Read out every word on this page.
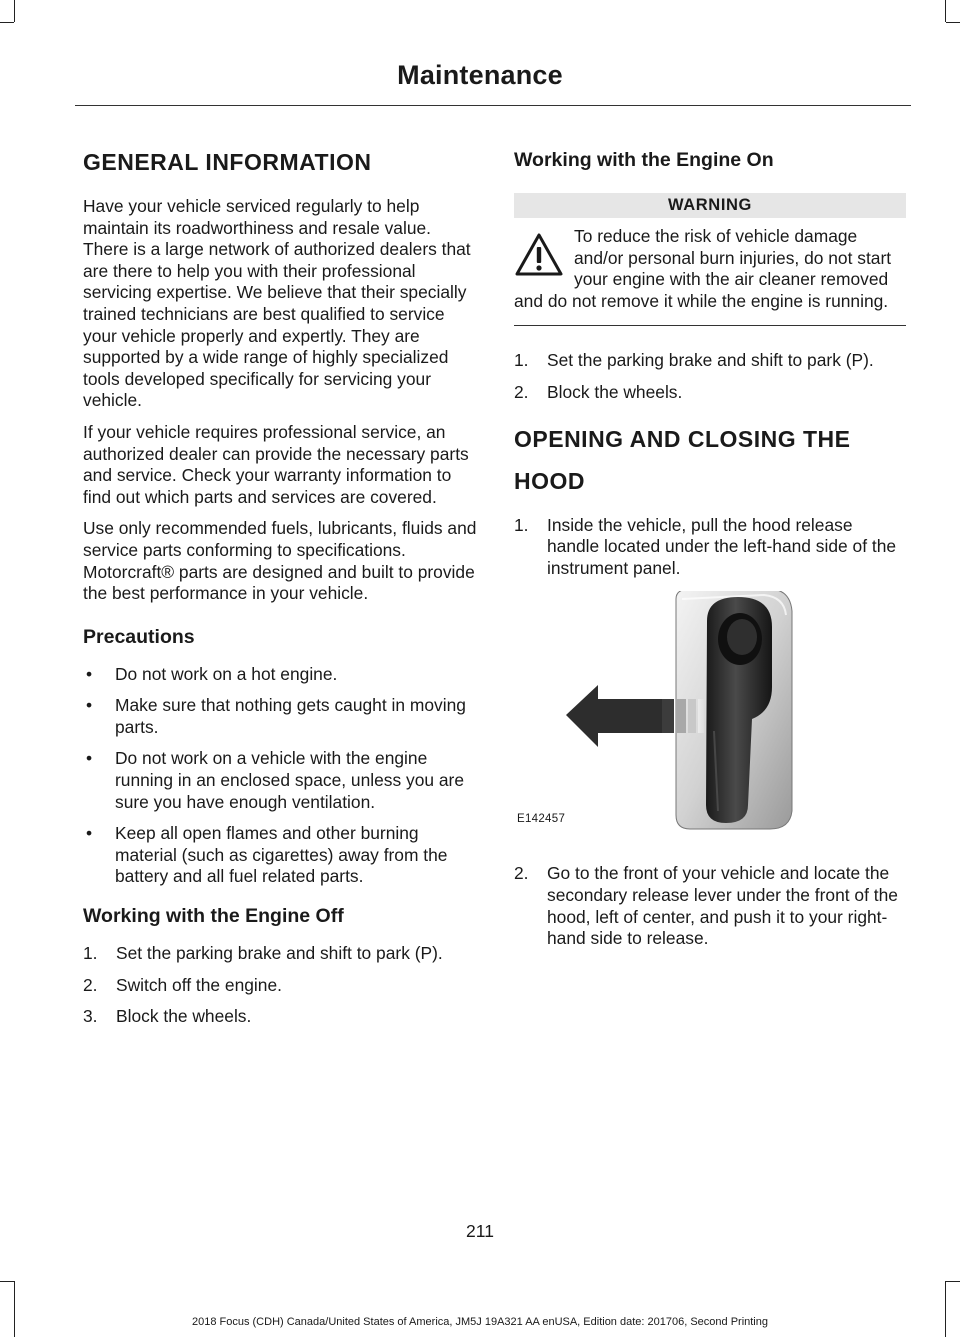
Maintenance
GENERAL INFORMATION

Have your vehicle serviced regularly to help maintain its roadworthiness and resale value. There is a large network of authorized dealers that are there to help you with their professional servicing expertise. We believe that their specially trained technicians are best qualified to service your vehicle properly and expertly. They are supported by a wide range of highly specialized tools developed specifically for servicing your vehicle.

If your vehicle requires professional service, an authorized dealer can provide the necessary parts and service. Check your warranty information to find out which parts and services are covered.

Use only recommended fuels, lubricants, fluids and service parts conforming to specifications. Motorcraft® parts are designed and built to provide the best performance in your vehicle.

Precautions
• Do not work on a hot engine.
• Make sure that nothing gets caught in moving parts.
• Do not work on a vehicle with the engine running in an enclosed space, unless you are sure you have enough ventilation.
• Keep all open flames and other burning material (such as cigarettes) away from the battery and all fuel related parts.
Working with the Engine Off
1. Set the parking brake and shift to park (P).
2. Switch off the engine.
3. Block the wheels.
Working with the Engine On
WARNING
To reduce the risk of vehicle damage and/or personal burn injuries, do not start your engine with the air cleaner removed and do not remove it while the engine is running.
1. Set the parking brake and shift to park (P).
2. Block the wheels.
OPENING AND CLOSING THE
HOOD
1. Inside the vehicle, pull the hood release handle located under the left-hand side of the instrument panel.
E142457
2. Go to the front of your vehicle and locate the secondary release lever under the front of the hood, left of center, and push it to your right-hand side to release.
211
2018 Focus (CDH) Canada/United States of America, JM5J 19A321 AA enUSA, Edition date: 201706, Second Printing
